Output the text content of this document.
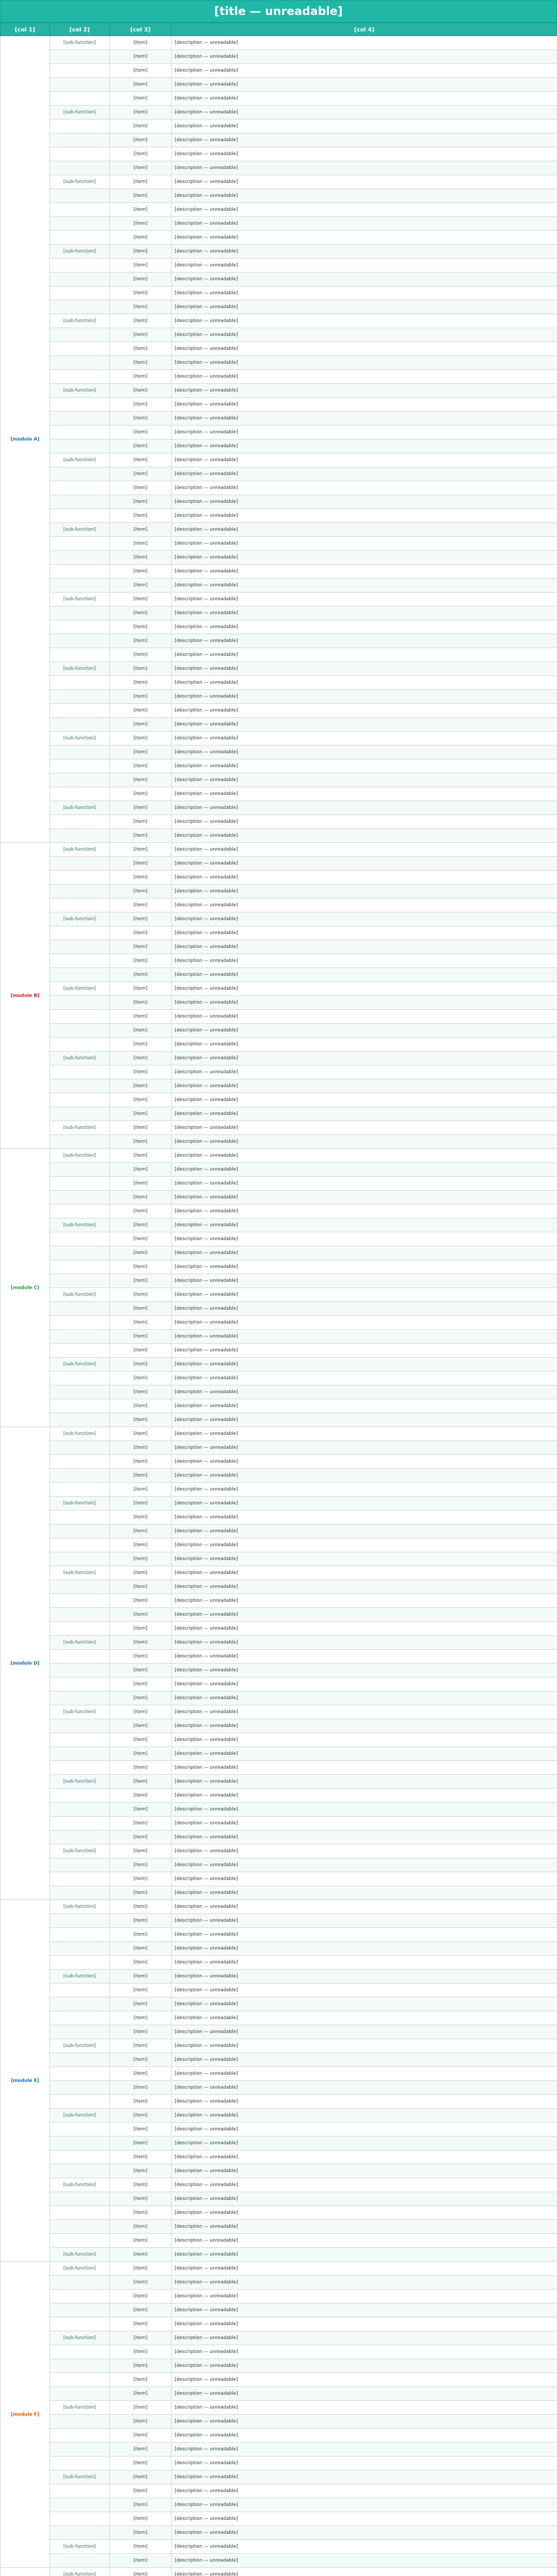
[title — unreadable]
[col 1]	[col 2]	[col 3]	[col 4]
[module A]	[sub-function]	[item]	[description — unreadable]
		[item]	[description — unreadable]
		[item]	[description — unreadable]
		[item]	[description — unreadable]
		[item]	[description — unreadable]
	[sub-function]	[item]	[description — unreadable]
		[item]	[description — unreadable]
		[item]	[description — unreadable]
		[item]	[description — unreadable]
		[item]	[description — unreadable]
	[sub-function]	[item]	[description — unreadable]
		[item]	[description — unreadable]
		[item]	[description — unreadable]
		[item]	[description — unreadable]
		[item]	[description — unreadable]
	[sub-function]	[item]	[description — unreadable]
		[item]	[description — unreadable]
		[item]	[description — unreadable]
		[item]	[description — unreadable]
		[item]	[description — unreadable]
	[sub-function]	[item]	[description — unreadable]
		[item]	[description — unreadable]
		[item]	[description — unreadable]
		[item]	[description — unreadable]
		[item]	[description — unreadable]
	[sub-function]	[item]	[description — unreadable]
		[item]	[description — unreadable]
		[item]	[description — unreadable]
		[item]	[description — unreadable]
		[item]	[description — unreadable]
	[sub-function]	[item]	[description — unreadable]
		[item]	[description — unreadable]
		[item]	[description — unreadable]
		[item]	[description — unreadable]
		[item]	[description — unreadable]
	[sub-function]	[item]	[description — unreadable]
		[item]	[description — unreadable]
		[item]	[description — unreadable]
		[item]	[description — unreadable]
		[item]	[description — unreadable]
	[sub-function]	[item]	[description — unreadable]
		[item]	[description — unreadable]
		[item]	[description — unreadable]
		[item]	[description — unreadable]
		[item]	[description — unreadable]
	[sub-function]	[item]	[description — unreadable]
		[item]	[description — unreadable]
		[item]	[description — unreadable]
		[item]	[description — unreadable]
		[item]	[description — unreadable]
	[sub-function]	[item]	[description — unreadable]
		[item]	[description — unreadable]
		[item]	[description — unreadable]
		[item]	[description — unreadable]
		[item]	[description — unreadable]
	[sub-function]	[item]	[description — unreadable]
		[item]	[description — unreadable]
		[item]	[description — unreadable]
[module B]	[sub-function]	[item]	[description — unreadable]
		[item]	[description — unreadable]
		[item]	[description — unreadable]
		[item]	[description — unreadable]
		[item]	[description — unreadable]
	[sub-function]	[item]	[description — unreadable]
		[item]	[description — unreadable]
		[item]	[description — unreadable]
		[item]	[description — unreadable]
		[item]	[description — unreadable]
	[sub-function]	[item]	[description — unreadable]
		[item]	[description — unreadable]
		[item]	[description — unreadable]
		[item]	[description — unreadable]
		[item]	[description — unreadable]
	[sub-function]	[item]	[description — unreadable]
		[item]	[description — unreadable]
		[item]	[description — unreadable]
		[item]	[description — unreadable]
		[item]	[description — unreadable]
	[sub-function]	[item]	[description — unreadable]
		[item]	[description — unreadable]
[module C]	[sub-function]	[item]	[description — unreadable]
		[item]	[description — unreadable]
		[item]	[description — unreadable]
		[item]	[description — unreadable]
		[item]	[description — unreadable]
	[sub-function]	[item]	[description — unreadable]
		[item]	[description — unreadable]
		[item]	[description — unreadable]
		[item]	[description — unreadable]
		[item]	[description — unreadable]
	[sub-function]	[item]	[description — unreadable]
		[item]	[description — unreadable]
		[item]	[description — unreadable]
		[item]	[description — unreadable]
		[item]	[description — unreadable]
	[sub-function]	[item]	[description — unreadable]
		[item]	[description — unreadable]
		[item]	[description — unreadable]
		[item]	[description — unreadable]
		[item]	[description — unreadable]
[module D]	[sub-function]	[item]	[description — unreadable]
		[item]	[description — unreadable]
		[item]	[description — unreadable]
		[item]	[description — unreadable]
		[item]	[description — unreadable]
	[sub-function]	[item]	[description — unreadable]
		[item]	[description — unreadable]
		[item]	[description — unreadable]
		[item]	[description — unreadable]
		[item]	[description — unreadable]
	[sub-function]	[item]	[description — unreadable]
		[item]	[description — unreadable]
		[item]	[description — unreadable]
		[item]	[description — unreadable]
		[item]	[description — unreadable]
	[sub-function]	[item]	[description — unreadable]
		[item]	[description — unreadable]
		[item]	[description — unreadable]
		[item]	[description — unreadable]
		[item]	[description — unreadable]
	[sub-function]	[item]	[description — unreadable]
		[item]	[description — unreadable]
		[item]	[description — unreadable]
		[item]	[description — unreadable]
		[item]	[description — unreadable]
	[sub-function]	[item]	[description — unreadable]
		[item]	[description — unreadable]
		[item]	[description — unreadable]
		[item]	[description — unreadable]
		[item]	[description — unreadable]
	[sub-function]	[item]	[description — unreadable]
		[item]	[description — unreadable]
		[item]	[description — unreadable]
		[item]	[description — unreadable]
[module E]	[sub-function]	[item]	[description — unreadable]
		[item]	[description — unreadable]
		[item]	[description — unreadable]
		[item]	[description — unreadable]
		[item]	[description — unreadable]
	[sub-function]	[item]	[description — unreadable]
		[item]	[description — unreadable]
		[item]	[description — unreadable]
		[item]	[description — unreadable]
		[item]	[description — unreadable]
	[sub-function]	[item]	[description — unreadable]
		[item]	[description — unreadable]
		[item]	[description — unreadable]
		[item]	[description — unreadable]
		[item]	[description — unreadable]
	[sub-function]	[item]	[description — unreadable]
		[item]	[description — unreadable]
		[item]	[description — unreadable]
		[item]	[description — unreadable]
		[item]	[description — unreadable]
	[sub-function]	[item]	[description — unreadable]
		[item]	[description — unreadable]
		[item]	[description — unreadable]
		[item]	[description — unreadable]
		[item]	[description — unreadable]
	[sub-function]	[item]	[description — unreadable]
[module F]	[sub-function]	[item]	[description — unreadable]
		[item]	[description — unreadable]
		[item]	[description — unreadable]
		[item]	[description — unreadable]
		[item]	[description — unreadable]
	[sub-function]	[item]	[description — unreadable]
		[item]	[description — unreadable]
		[item]	[description — unreadable]
		[item]	[description — unreadable]
		[item]	[description — unreadable]
	[sub-function]	[item]	[description — unreadable]
		[item]	[description — unreadable]
		[item]	[description — unreadable]
		[item]	[description — unreadable]
		[item]	[description — unreadable]
	[sub-function]	[item]	[description — unreadable]
		[item]	[description — unreadable]
		[item]	[description — unreadable]
		[item]	[description — unreadable]
		[item]	[description — unreadable]
	[sub-function]	[item]	[description — unreadable]
		[item]	[description — unreadable]
	[sub-function]	[item]	[description — unreadable]
